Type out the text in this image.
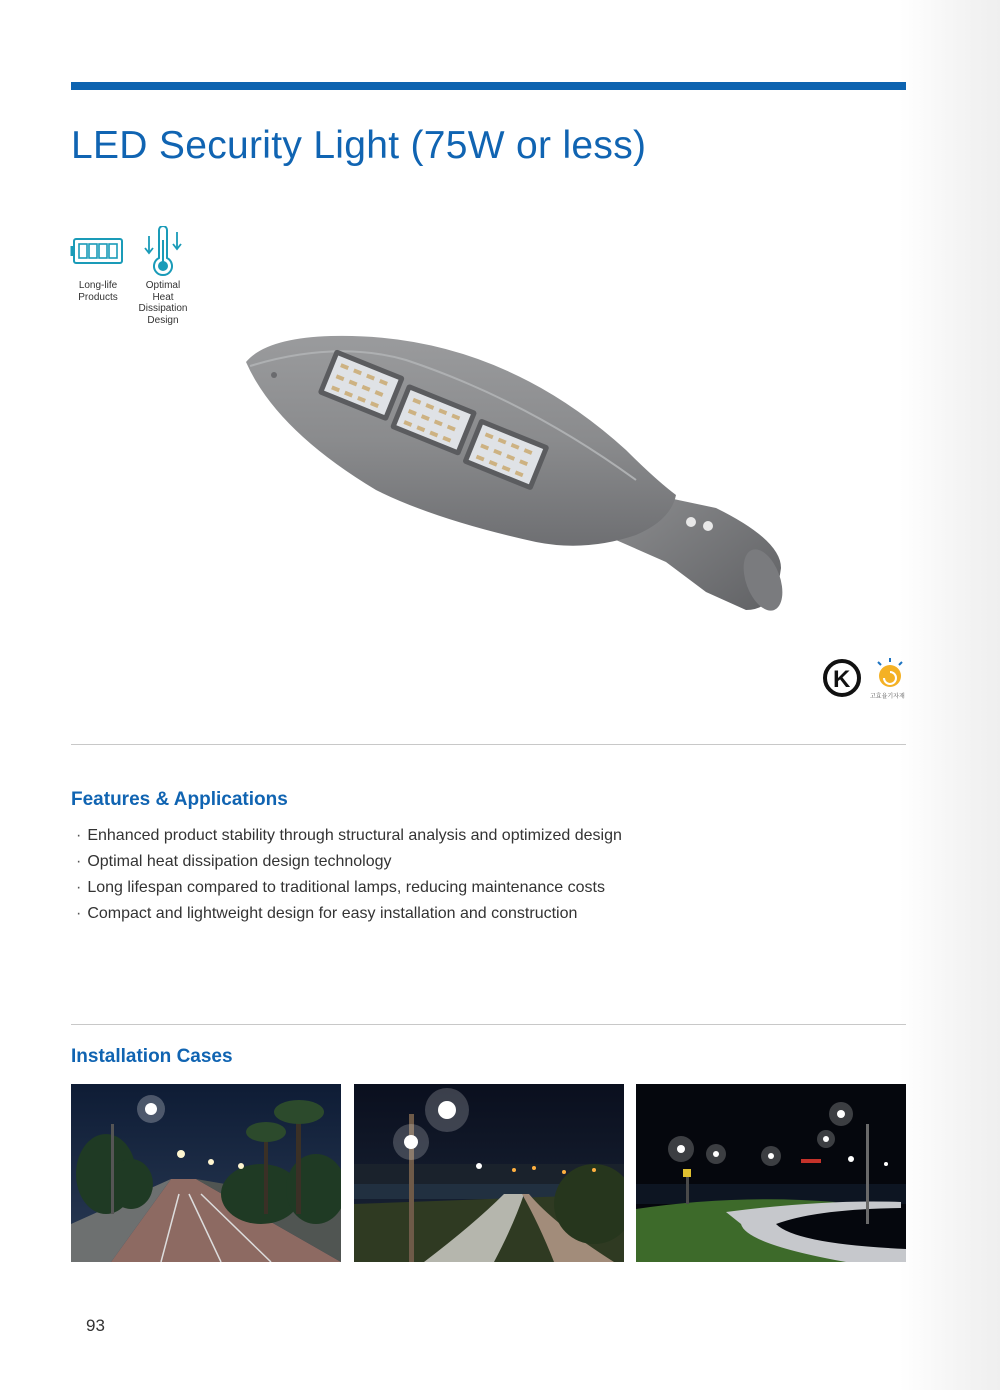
LED Security Light (75W or less)
Long-life
Products
Optimal
Heat
Dissipation
Design
K
고효율기자재
Features & Applications
· Enhanced product stability through structural analysis and optimized design
· Optimal heat dissipation design technology
· Long lifespan compared to traditional lamps, reducing maintenance costs
· Compact and lightweight design for easy installation and construction
Installation Cases
93
